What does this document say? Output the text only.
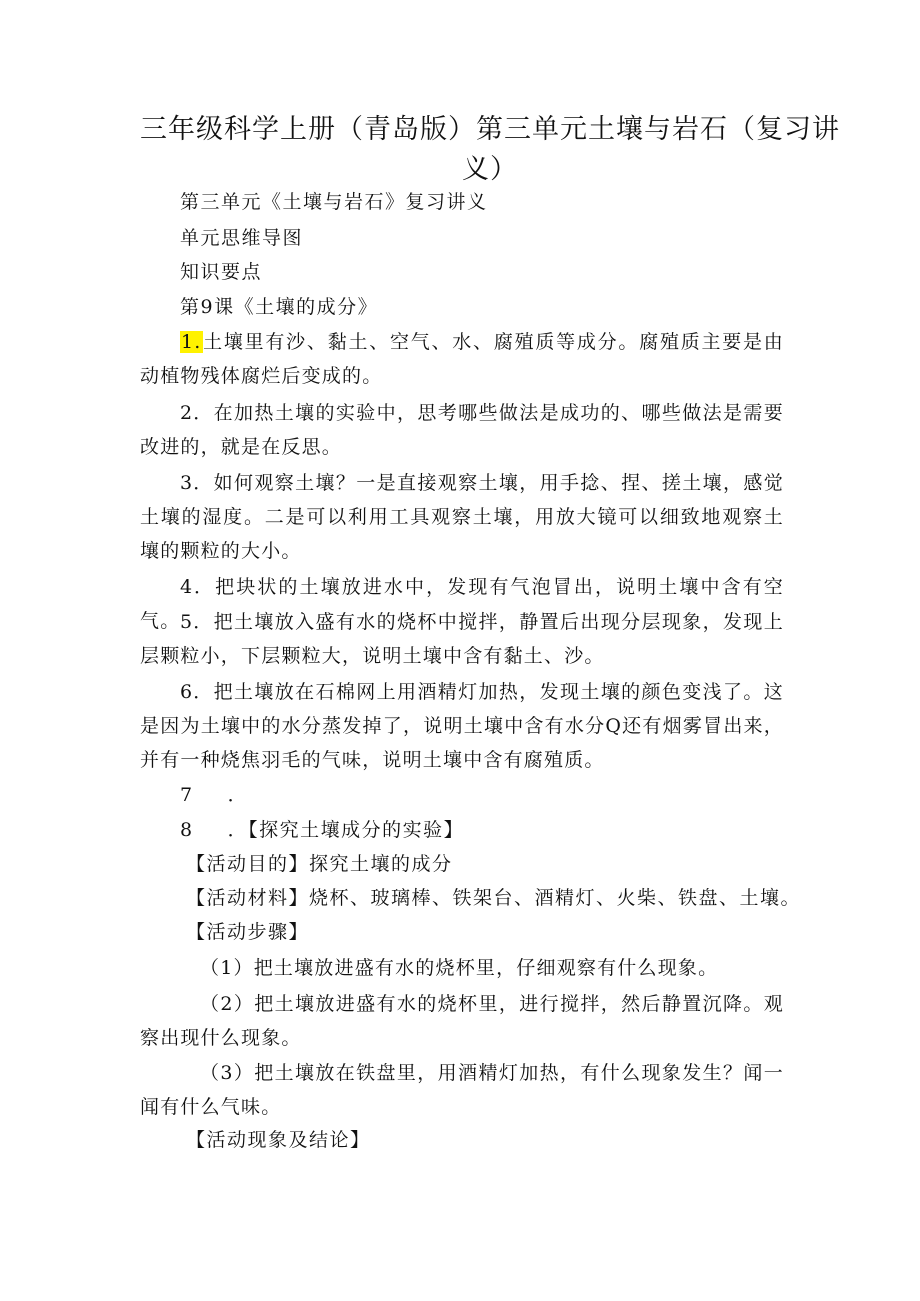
三年级科学上册（青岛版）第三单元土壤与岩石（复习讲义）
第三单元《土壤与岩石》复习讲义
单元思维导图
知识要点
第9课《土壤的成分》

1.土壤里有沙、黏土、空气、水、腐殖质等成分。腐殖质主要是由动植物残体腐烂后变成的。

2．在加热土壤的实验中，思考哪些做法是成功的、哪些做法是需要改进的，就是在反思。

3．如何观察土壤？一是直接观察土壤，用手捻、捏、搓土壤，感觉土壤的湿度。二是可以利用工具观察土壤，用放大镜可以细致地观察土壤的颗粒的大小。

4．把块状的土壤放进水中，发现有气泡冒出，说明土壤中含有空气。 5．把土壤放入盛有水的烧杯中搅拌，静置后出现分层现象，发现上层颗粒小，下层颗粒大，说明土壤中含有黏土、沙。

6．把土壤放在石棉网上用酒精灯加热，发现土壤的颜色变浅了。这是因为土壤中的水分蒸发掉了，说明土壤中含有水分Q还有烟雾冒出来，并有一种烧焦羽毛的气味，说明土壤中含有腐殖质。

7 ．
8 ．【探究土壤成分的实验】
【活动目的】探究土壤的成分
【活动材料】烧杯、玻璃棒、铁架台、酒精灯、火柴、铁盘、土壤。
【活动步骤】

（1）把土壤放进盛有水的烧杯里，仔细观察有什么现象。

（2）把土壤放进盛有水的烧杯里，进行搅拌，然后静置沉降。观察出现什么现象。

（3）把土壤放在铁盘里，用酒精灯加热，有什么现象发生？闻一闻有什么气味。

【活动现象及结论】
